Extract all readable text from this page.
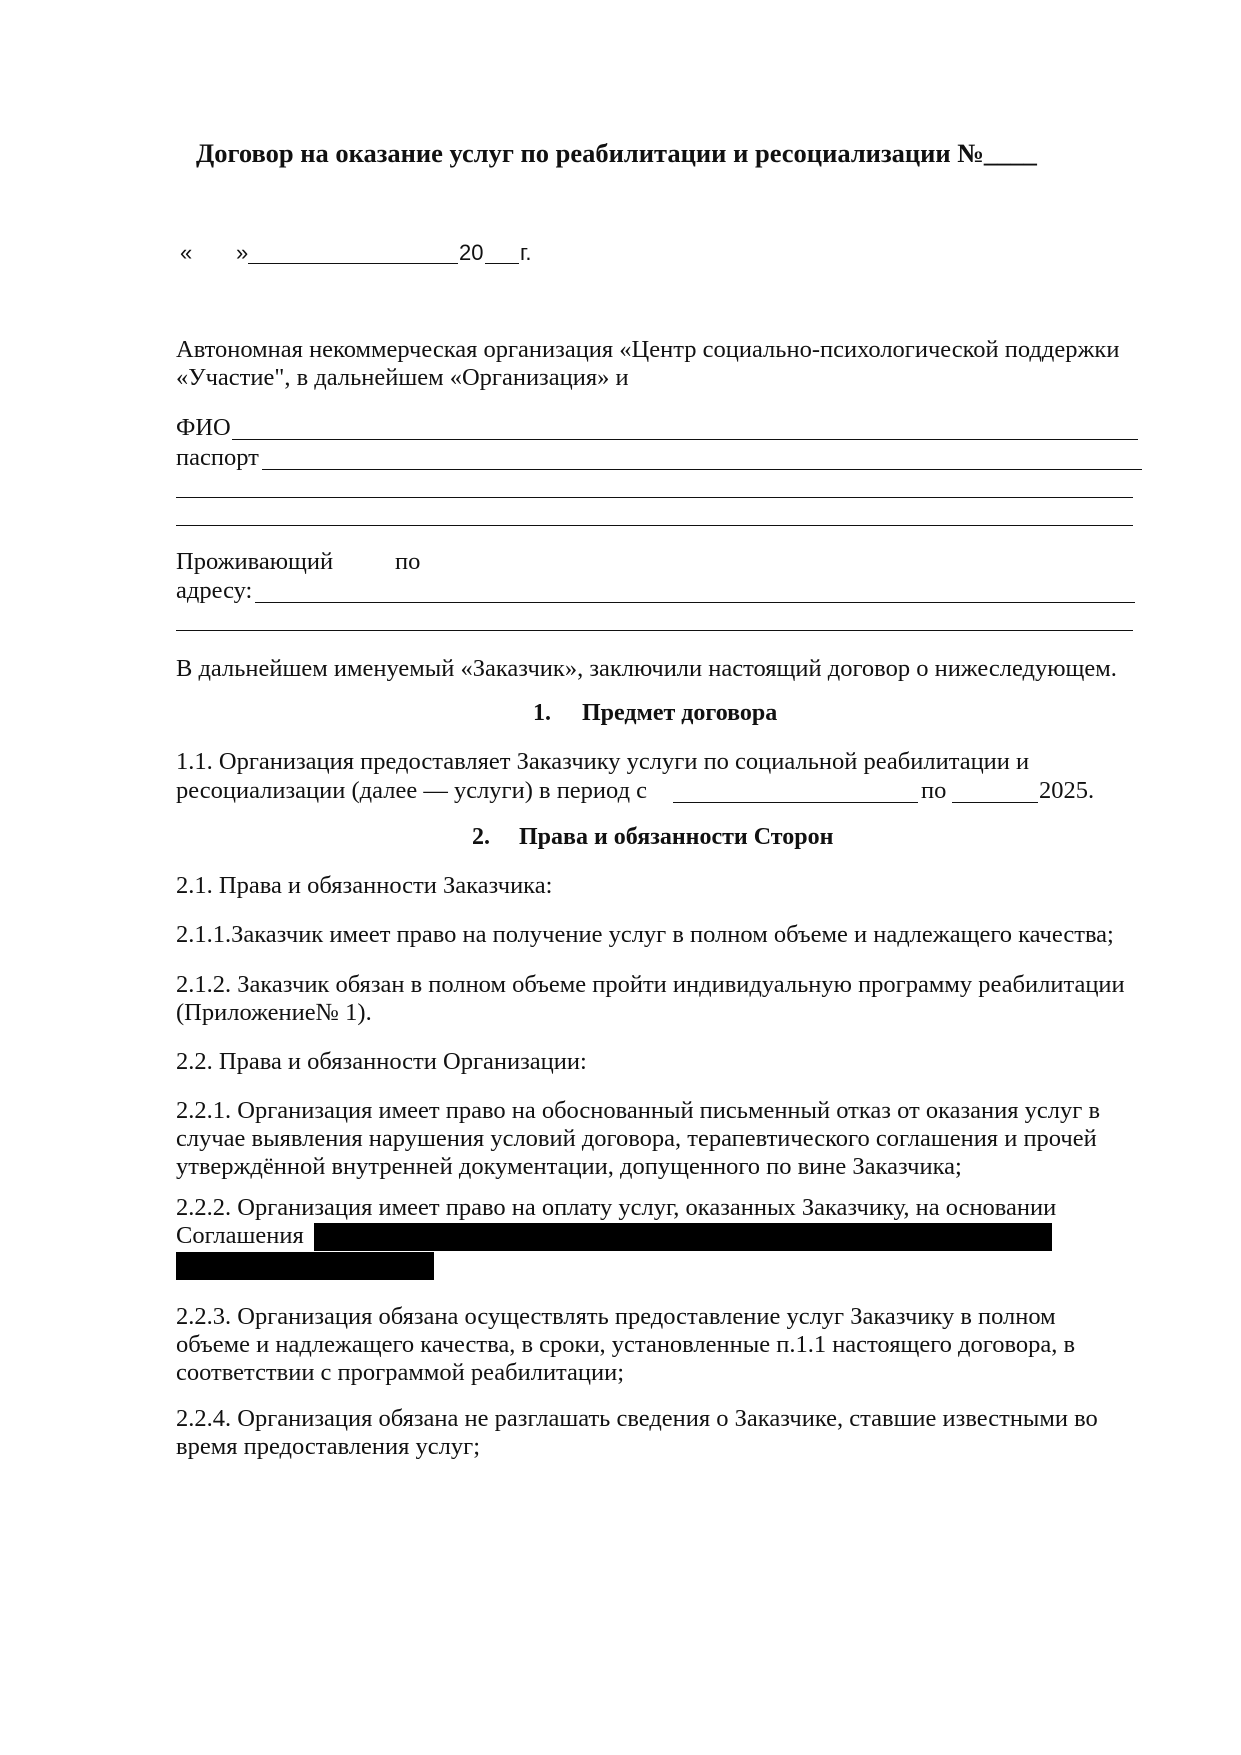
Договор на оказание услуг по реабилитации и ресоциализации №____
« »	20 г.
Автономная некоммерческая организация «Центр социально-психологической поддержки
«Участие", в дальнейшем «Организация» и
ФИО
паспорт
Проживающий	по
адресу:
В дальнейшем именуемый «Заказчик», заключили настоящий договор о нижеследующем.
1. Предмет договора
1.1. Организация предоставляет Заказчику услуги по социальной реабилитации и
ресоциализации (далее — услуги) в период с	по	2025.
2. Права и обязанности Сторон
2.1. Права и обязанности Заказчика:
2.1.1.Заказчик имеет право на получение услуг в полном объеме и надлежащего качества;
2.1.2. Заказчик обязан в полном объеме пройти индивидуальную программу реабилитации
(Приложение№ 1).
2.2. Права и обязанности Организации:
2.2.1. Организация имеет право на обоснованный письменный отказ от оказания услуг в
случае выявления нарушения условий договора, терапевтического соглашения и прочей
утверждённой внутренней документации, допущенного по вине Заказчика;
2.2.2. Организация имеет право на оплату услуг, оказанных Заказчику, на основании
Соглашения
2.2.3. Организация обязана осуществлять предоставление услуг Заказчику в полном
объеме и надлежащего качества, в сроки, установленные п.1.1 настоящего договора, в
соответствии с программой реабилитации;
2.2.4. Организация обязана не разглашать сведения о Заказчике, ставшие известными во
время предоставления услуг;
